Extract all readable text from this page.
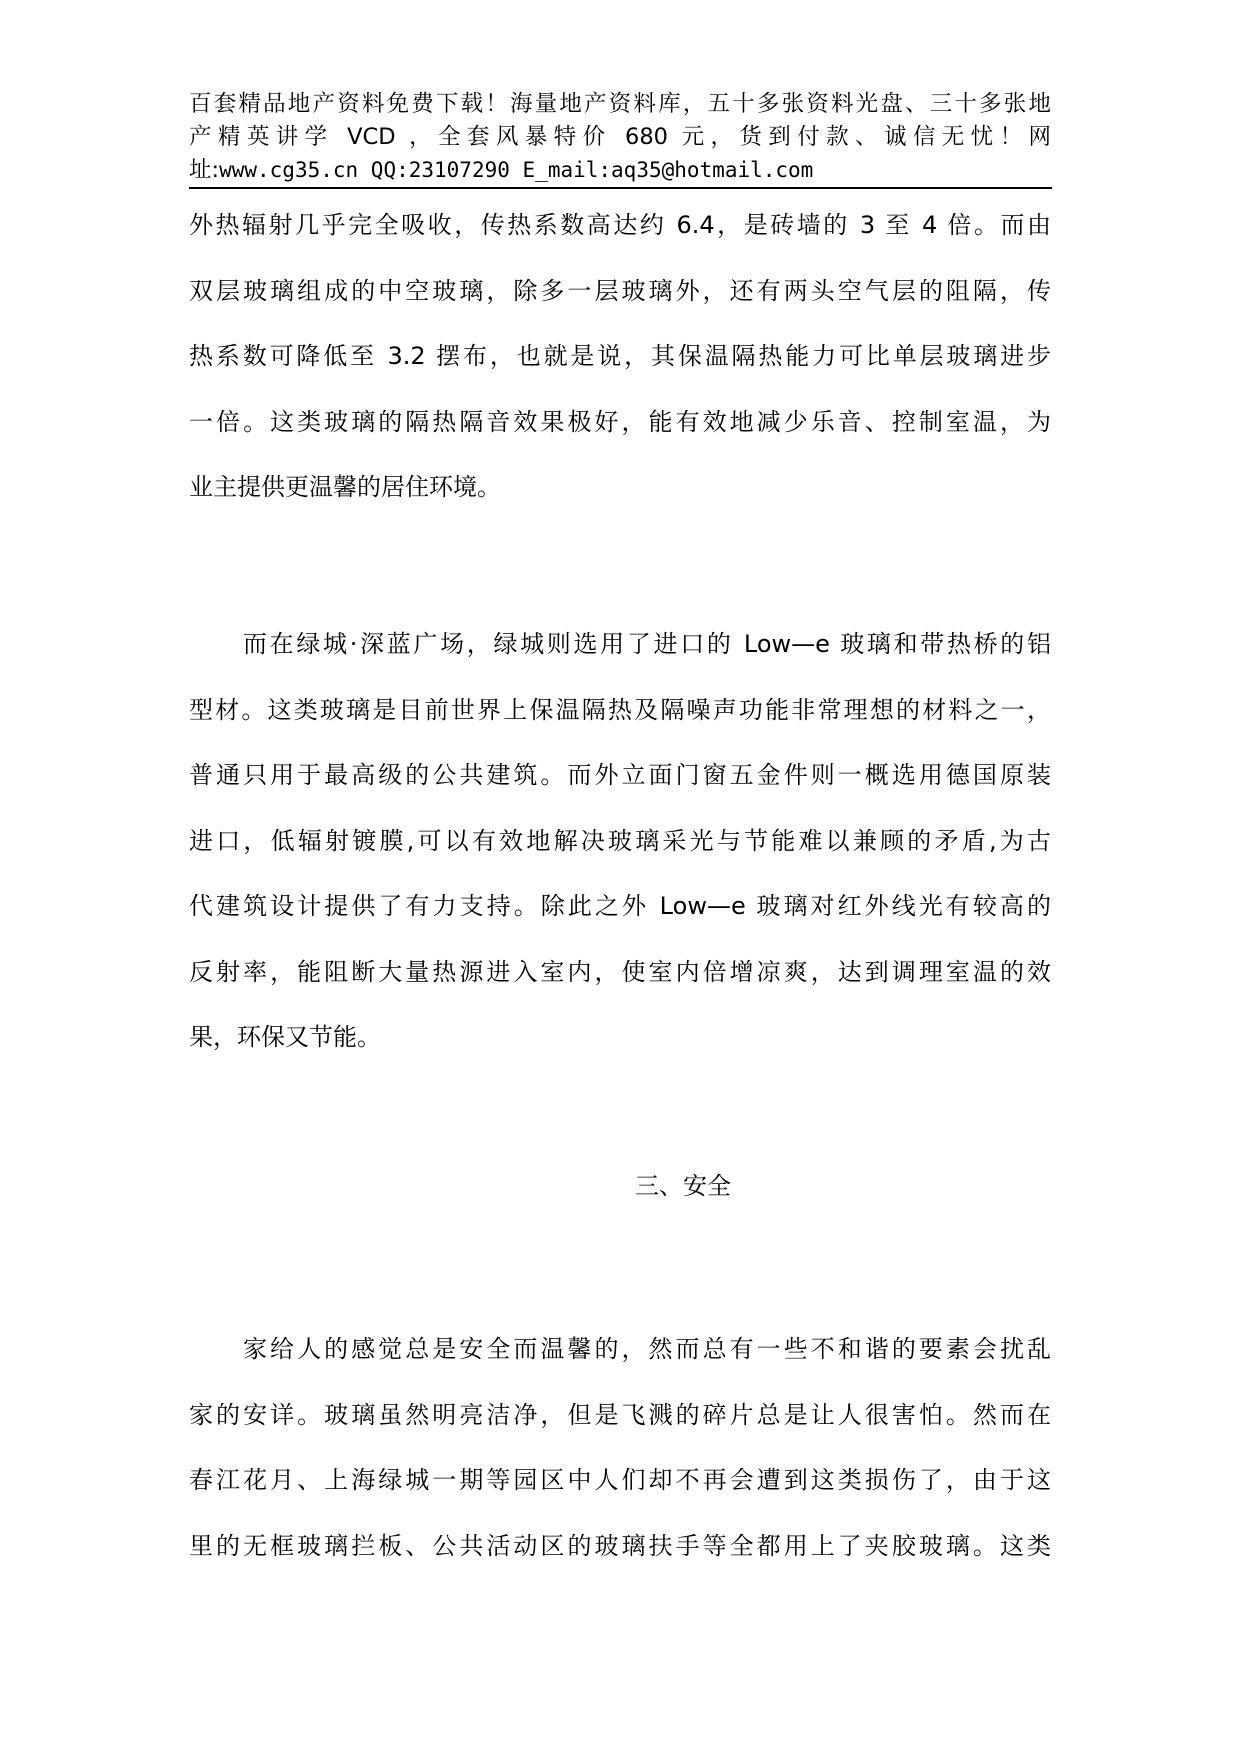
百套精品地产资料免费下载！海量地产资料库，五十多张资料光盘、三十多张地
产精英讲学 VCD ，全套风暴特价 680 元，货到付款、诚信无忧！网
址:www.cg35.cn QQ:23107290 E_mail:aq35@hotmail.com
外热辐射几乎完全吸收，传热系数高达约 6.4，是砖墙的 3 至 4 倍。而由
双层玻璃组成的中空玻璃，除多一层玻璃外，还有两头空气层的阻隔，传
热系数可降低至 3.2 摆布，也就是说，其保温隔热能力可比单层玻璃进步
一倍。这类玻璃的隔热隔音效果极好，能有效地减少乐音、控制室温，为
业主提供更温馨的居住环境。
而在绿城·深蓝广场，绿城则选用了进口的 Low—e 玻璃和带热桥的铝
型材。这类玻璃是目前世界上保温隔热及隔噪声功能非常理想的材料之一，
普通只用于最高级的公共建筑。而外立面门窗五金件则一概选用德国原装
进口，低辐射镀膜,可以有效地解决玻璃采光与节能难以兼顾的矛盾,为古
代建筑设计提供了有力支持。除此之外 Low—e 玻璃对红外线光有较高的
反射率，能阻断大量热源进入室内，使室内倍增凉爽，达到调理室温的效
果，环保又节能。
三、安全
家给人的感觉总是安全而温馨的，然而总有一些不和谐的要素会扰乱
家的安详。玻璃虽然明亮洁净，但是飞溅的碎片总是让人很害怕。然而在
春江花月、上海绿城一期等园区中人们却不再会遭到这类损伤了，由于这
里的无框玻璃拦板、公共活动区的玻璃扶手等全都用上了夹胶玻璃。这类
